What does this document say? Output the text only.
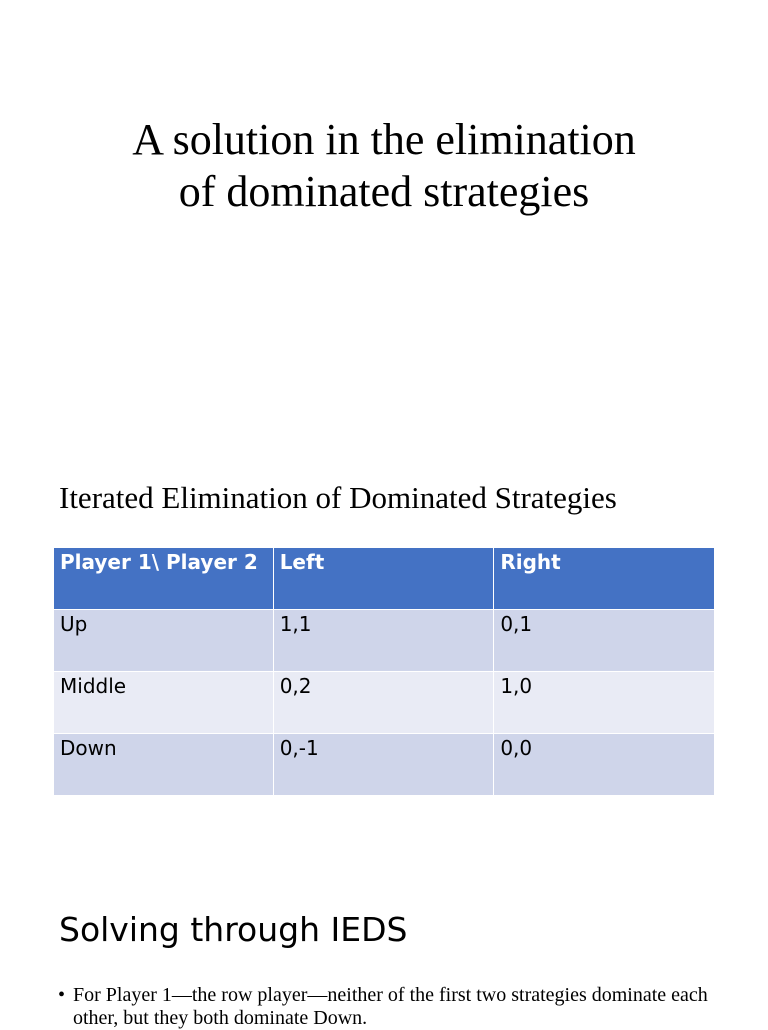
A solution in the elimination
of dominated strategies
Iterated Elimination of Dominated Strategies
Player 1\ Player 2	Left	Right
Up	1,1	0,1
Middle	0,2	1,0
Down	0,-1	0,0
Solving through IEDS
• For Player 1—the row player—neither of the first two strategies dominate each other, but they both dominate Down.
